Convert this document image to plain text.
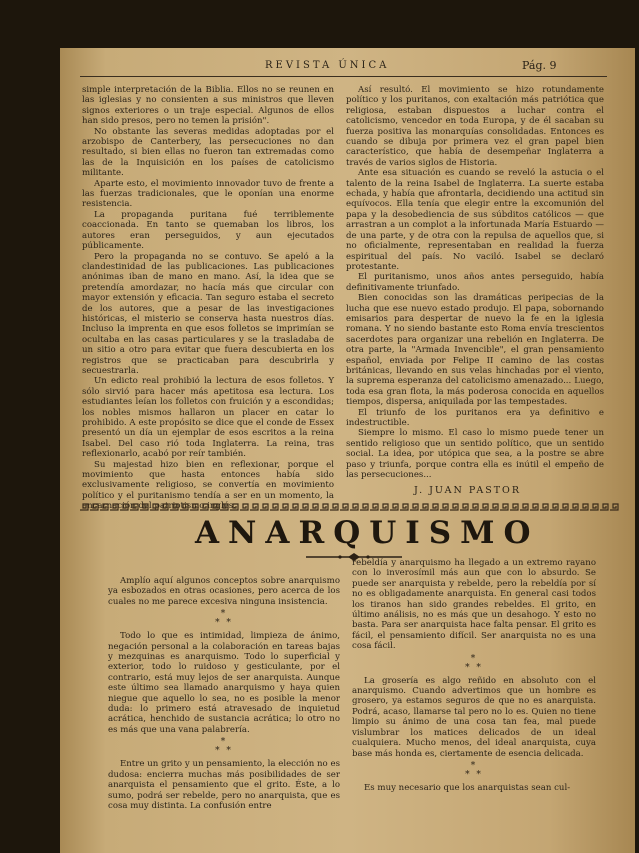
REVISTA ÚNICA	Pág. 9

simple interpretación de la Biblia. Ellos no se reunen en las iglesias y no consienten a sus ministros que lleven signos exteriores o un traje especial. Algunos de ellos han sido presos, pero no temen la prisión".

No obstante las severas medidas adoptadas por el arzobispo de Canterbery, las persecuciones no dan resultado, si bien ellas no fueron tan extremadas como las de la Inquisición en los países de catolicismo militante.

Aparte esto, el movimiento innovador tuvo de frente a las fuerzas tradicionales, que le oponían una enorme resistencia.

La propaganda puritana fué terriblemente coaccionada. En tanto se quemaban los libros, los autores eran perseguidos, y aun ejecutados públicamente.

Pero la propaganda no se contuvo. Se apeló a la clandestinidad de las publicaciones. Las publicaciones anónimas iban de mano en mano. Así, la idea que se pretendía amordazar, no hacía más que circular con mayor extensión y eficacia. Tan seguro estaba el secreto de los autores, que a pesar de las investigaciones históricas, el misterio se conserva hasta nuestros días. Incluso la imprenta en que esos folletos se imprimían se ocultaba en las casas particulares y se la trasladaba de un sitio a otro para evitar que fuera descubierta en los registros que se practicaban para descubrirla y secuestrarla.

Un edicto real prohibió la lectura de esos folletos. Y sólo sirvió para hacer más apetitosa esa lectura. Los estudiantes leían los folletos con fruición y a escondidas; los nobles mismos hallaron un placer en catar lo prohibido. A este propósito se dice que el conde de Essex presentó un día un ejemplar de esos escritos a la reina Isabel. Del caso rió toda Inglaterra. La reina, tras reflexionarlo, acabó por reír también.

Su majestad hizo bien en reflexionar, porque el movimiento que hasta entonces había sido exclusivamente religioso, se convertía en movimiento político y el puritanismo tendía a ser en un momento, la

Así resultó. El movimiento se hizo rotundamente político y los puritanos, con exaltación más patriótica que religiosa, estaban dispuestos a luchar contra el catolicismo, vencedor en toda Europa, y de él sacaban su fuerza positiva las monarquías consolidadas. Entonces es cuando se dibuja por primera vez el gran papel bien característico, que había de desempeñar Inglaterra a través de varios siglos de Historia.

Ante esa situación es cuando se reveló la astucia o el talento de la reina Isabel de Inglaterra. La suerte estaba echada, y había que afrontarla, decidiendo una actitud sin equívocos. Ella tenía que elegir entre la excomunión del papa y la desobediencia de sus súbditos católicos — que arrastran a un complot a la infortunada María Estuardo — de una parte, y de otra con la repulsa de aquellos que, si no oficialmente, representaban en realidad la fuerza espiritual del país. No vaciló. Isabel se declaró protestante.

El puritanismo, unos años antes perseguido, había definitivamente triunfado.

Bien conocidas son las dramáticas peripecias de la lucha que ese nuevo estado produjo. El papa, sobornando emisarios para despertar de nuevo la fe en la iglesia romana. Y no siendo bastante esto Roma envía trescientos sacerdotes para organizar una rebelión en Inglaterra. De otra parte, la "Armada Invencible", el gran pensamiento español, enviada por Felipe II camino de las costas británicas, llevando en sus velas hinchadas por el viento, la suprema esperanza del catolicismo amenazado... Luego, toda esa gran flota, la más poderosa conocida en aquellos tiempos, dispersa, aniquilada por las tempestades.

El triunfo de los puritanos era ya definitivo e indestructible.

Siempre lo mismo. El caso lo mismo puede tener un sentido religioso que un sentido político, que un sentido social. La idea, por utópica que sea, a la postre se abre paso y triunfa, porque contra ella es inútil el empeño de las persecuciones...

J. JUAN PASTOR
ANARQUISMO

Amplío aquí algunos conceptos sobre anarquismo ya esbozados en otras ocasiones, pero acerca de los cuales no me parece excesiva ninguna insistencia.

*
* *

Todo lo que es intimidad, limpieza de ánimo, negación personal a la colaboración en tareas bajas y mezquinas es anarquismo. Todo lo superficial y exterior, todo lo ruidoso y gesticulante, por el contrario, está muy lejos de ser anarquista. Aunque este último sea llamado anarquismo y haya quien niegue que aquello lo sea, no es posible la menor duda: lo primero está atravesado de inquietud acrática, henchido de sustancia acrática; lo otro no es más que una vana palabrería.

*
* *

Entre un grito y un pensamiento, la elección no es dudosa: encierra muchas más posibilidades de ser anarquista el pensamiento que el grito. Éste, a lo sumo, podrá ser rebelde, pero no anarquista, que es cosa muy distinta. La confusión entre

rebeldía y anarquismo ha llegado a un extremo rayano con lo inverosímil más aun que con lo absurdo. Se puede ser anarquista y rebelde, pero la rebeldía por sí no es obligadamente anarquista. En general casi todos los tiranos han sido grandes rebeldes. El grito, en último análisis, no es más que un desahogo. Y esto no basta. Para ser anarquista hace falta pensar. El grito es fácil, el pensamiento difícil. Ser anarquista no es una cosa fácil.

*
* *

La grosería es algo reñido en absoluto con el anarquismo. Cuando advertimos que un hombre es grosero, ya estamos seguros de que no es anarquista. Podrá, acaso, llamarse tal pero no lo es. Quien no tiene limpio su ánimo de una cosa tan fea, mal puede vislumbrar los matices delicados de un ideal cualquiera. Mucho menos, del ideal anarquista, cuya base más honda es, ciertamente de esencia delicada.

*
* *

Es muy necesario que los anarquistas sean cul-
